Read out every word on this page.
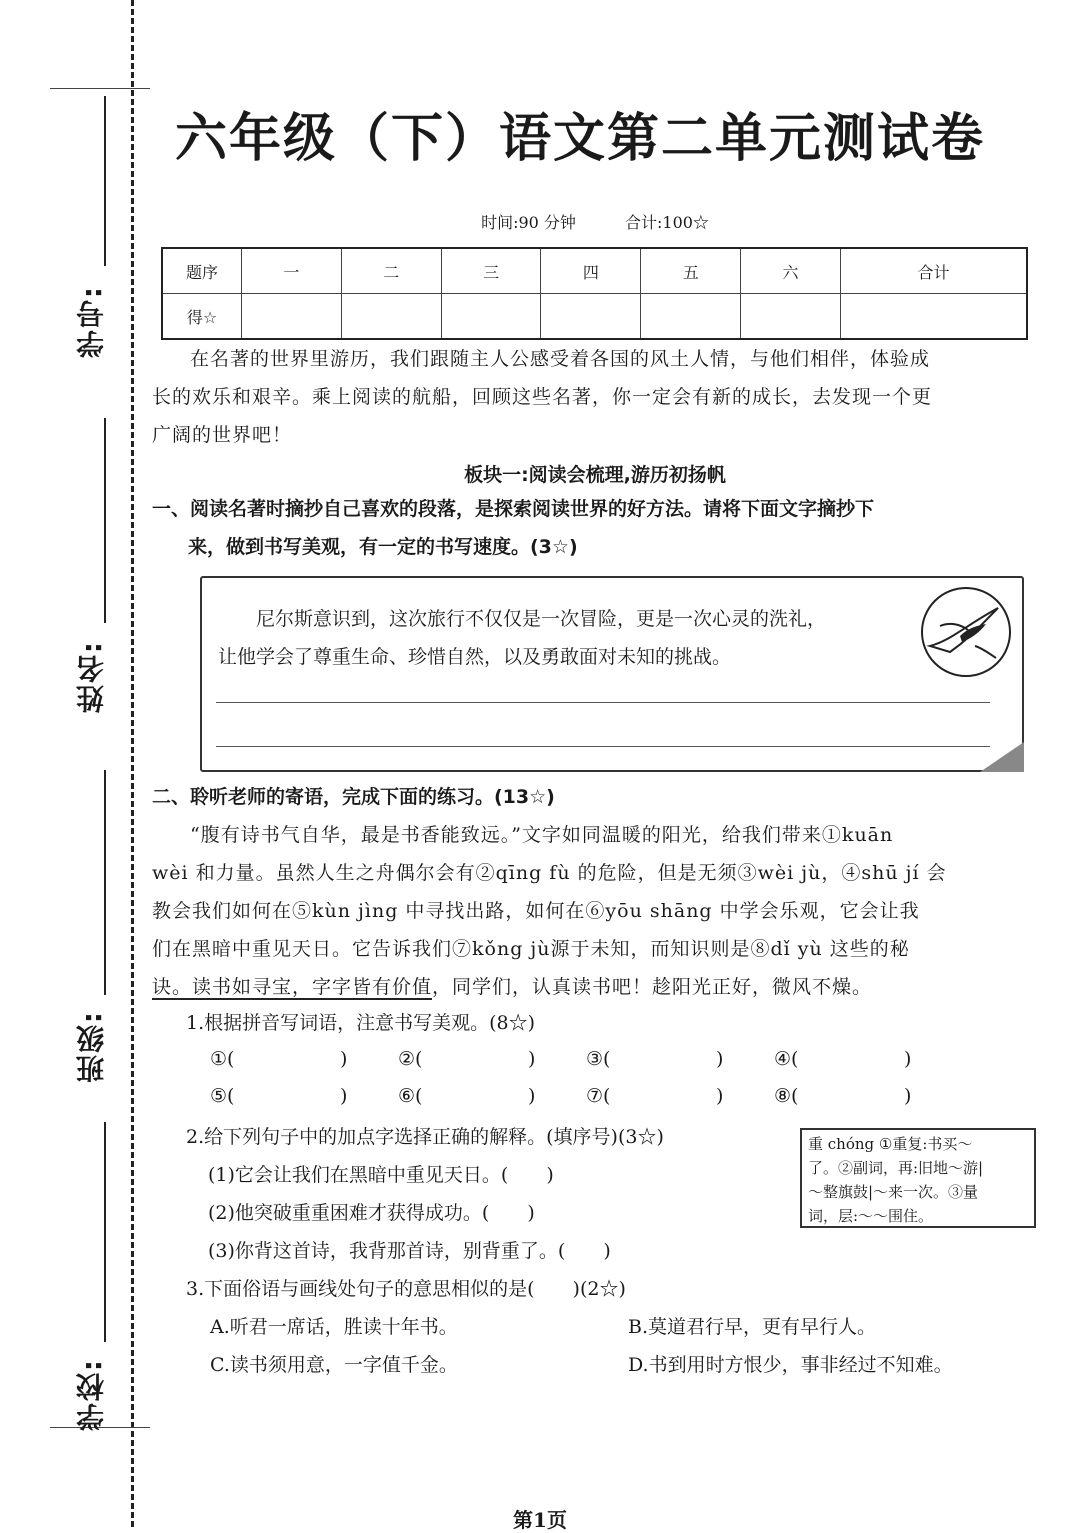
学号:
姓名:
班级:
学校:
六年级（下）语文第二单元测试卷
时间:90 分钟	合计:100☆
题序	一	二	三	四	五	六	合计
得☆							
在名著的世界里游历，我们跟随主人公感受着各国的风土人情，与他们相伴，体验成
长的欢乐和艰辛。乘上阅读的航船，回顾这些名著，你一定会有新的成长，去发现一个更
广阔的世界吧！
板块一:阅读会梳理,游历初扬帆
一、阅读名著时摘抄自己喜欢的段落，是探索阅读世界的好方法。请将下面文字摘抄下
来，做到书写美观，有一定的书写速度。(3☆)
尼尔斯意识到，这次旅行不仅仅是一次冒险，更是一次心灵的洗礼，
让他学会了尊重生命、珍惜自然，以及勇敢面对未知的挑战。
二、聆听老师的寄语，完成下面的练习。(13☆)
“腹有诗书气自华，最是书香能致远。”文字如同温暖的阳光，给我们带来①kuān
wèi 和力量。虽然人生之舟偶尔会有②qīng fù 的危险，但是无须③wèi jù，④shū jí 会
教会我们如何在⑤kùn jìng 中寻找出路，如何在⑥yōu shāng 中学会乐观，它会让我
们在黑暗中重见天日。它告诉我们⑦kǒng jù源于未知，而知识则是⑧dǐ yù 这些的秘
诀。读书如寻宝，字字皆有价值，同学们，认真读书吧！趁阳光正好，微风不燥。
1.根据拼音写词语，注意书写美观。(8☆)
①(	)	②(	)	③(	)	④(	)
⑤(	)	⑥(	)	⑦(	)	⑧(	)
2.给下列句子中的加点字选择正确的解释。(填序号)(3☆)
(1)它会让我们在黑暗中重见天日。(　　)
(2)他突破重重困难才获得成功。(　　)
(3)你背这首诗，我背那首诗，别背重了。(　　)
重 chóng ①重复:书买～
了。②副词，再:旧地～游|
～整旗鼓|～来一次。③量
词，层:～～围住。
3.下面俗语与画线处句子的意思相似的是(　　)(2☆)
A.听君一席话，胜读十年书。	B.莫道君行早，更有早行人。
C.读书须用意，一字值千金。	D.书到用时方恨少，事非经过不知难。
第1页
